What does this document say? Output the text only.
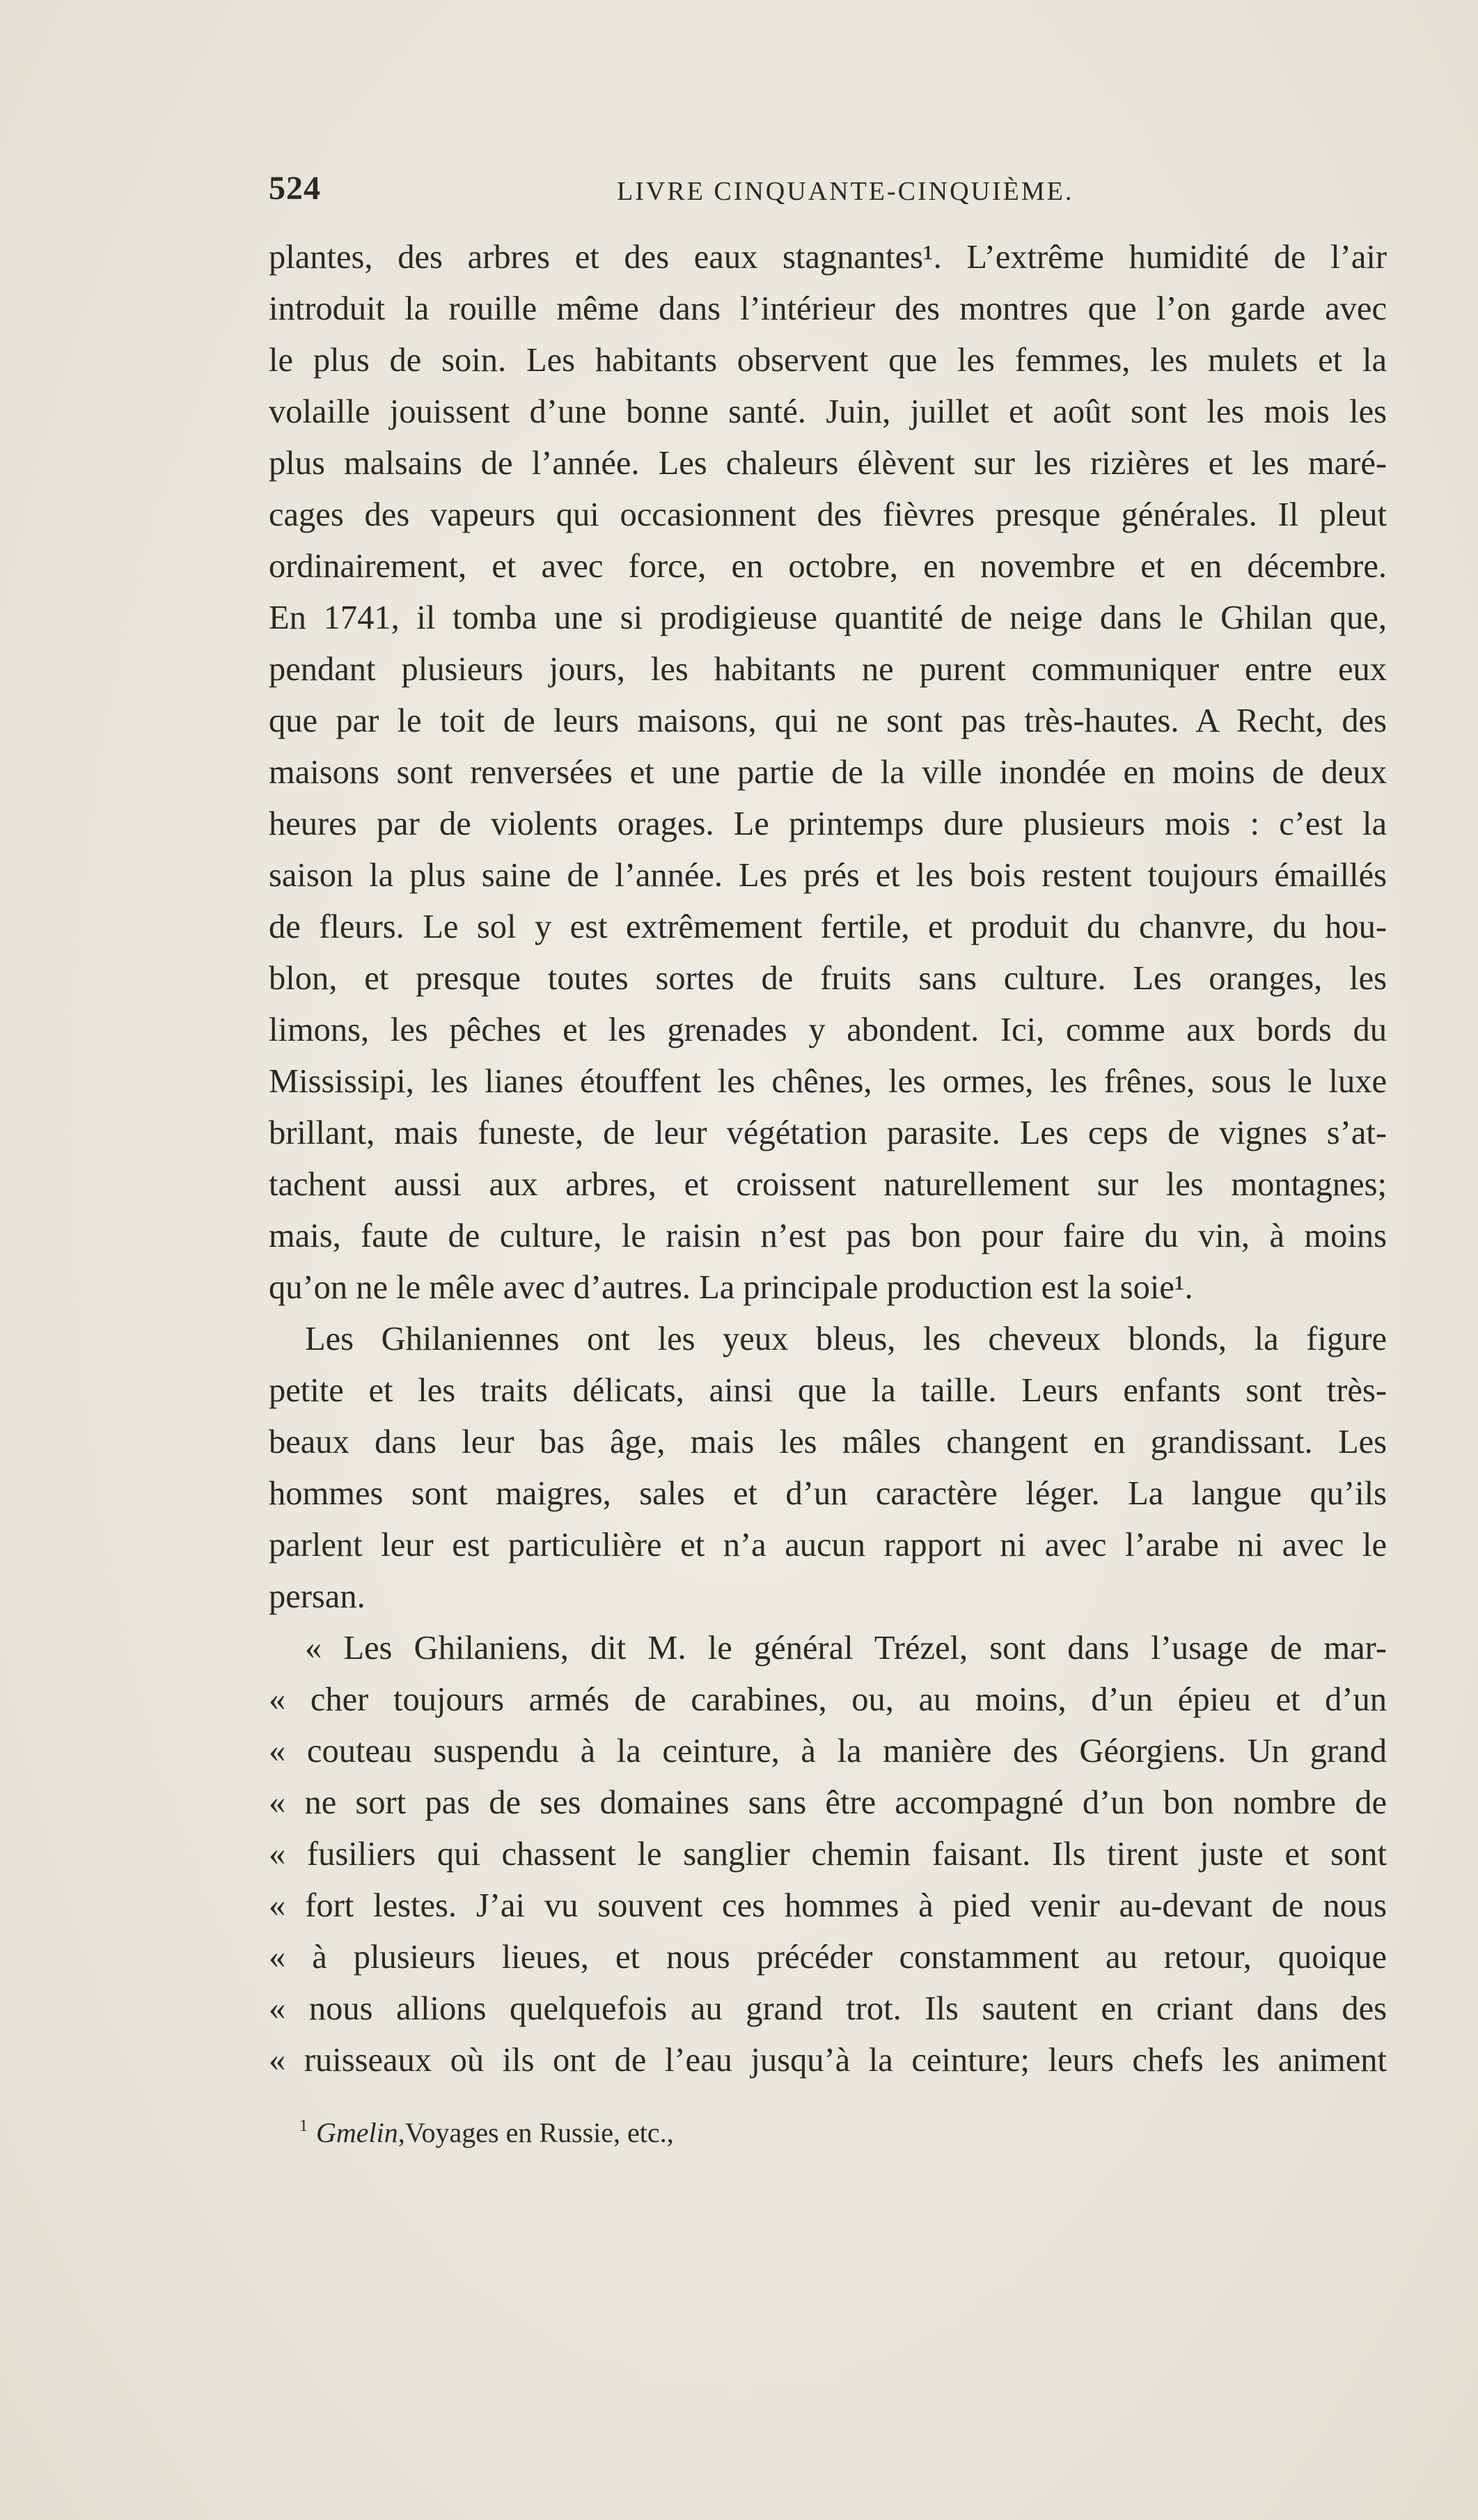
524	LIVRE CINQUANTE-CINQUIÈME.
plantes, des arbres et des eaux stagnantes¹. L’extrême humidité de l’air
introduit la rouille même dans l’intérieur des montres que l’on garde avec
le plus de soin. Les habitants observent que les femmes, les mulets et la
volaille jouissent d’une bonne santé. Juin, juillet et août sont les mois les
plus malsains de l’année. Les chaleurs élèvent sur les rizières et les maré-
cages des vapeurs qui occasionnent des fièvres presque générales. Il pleut
ordinairement, et avec force, en octobre, en novembre et en décembre.
En 1741, il tomba une si prodigieuse quantité de neige dans le Ghilan que,
pendant plusieurs jours, les habitants ne purent communiquer entre eux
que par le toit de leurs maisons, qui ne sont pas très-hautes. A Recht, des
maisons sont renversées et une partie de la ville inondée en moins de deux
heures par de violents orages. Le printemps dure plusieurs mois : c’est la
saison la plus saine de l’année. Les prés et les bois restent toujours émaillés
de fleurs. Le sol y est extrêmement fertile, et produit du chanvre, du hou-
blon, et presque toutes sortes de fruits sans culture. Les oranges, les
limons, les pêches et les grenades y abondent. Ici, comme aux bords du
Mississipi, les lianes étouffent les chênes, les ormes, les frênes, sous le luxe
brillant, mais funeste, de leur végétation parasite. Les ceps de vignes s’at-
tachent aussi aux arbres, et croissent naturellement sur les montagnes;
mais, faute de culture, le raisin n’est pas bon pour faire du vin, à moins
qu’on ne le mêle avec d’autres. La principale production est la soie¹.
Les Ghilaniennes ont les yeux bleus, les cheveux blonds, la figure
petite et les traits délicats, ainsi que la taille. Leurs enfants sont très-
beaux dans leur bas âge, mais les mâles changent en grandissant. Les
hommes sont maigres, sales et d’un caractère léger. La langue qu’ils
parlent leur est particulière et n’a aucun rapport ni avec l’arabe ni avec le
persan.
« Les Ghilaniens, dit M. le général Trézel, sont dans l’usage de mar-
« cher toujours armés de carabines, ou, au moins, d’un épieu et d’un
« couteau suspendu à la ceinture, à la manière des Géorgiens. Un grand
« ne sort pas de ses domaines sans être accompagné d’un bon nombre de
« fusiliers qui chassent le sanglier chemin faisant. Ils tirent juste et sont
« fort lestes. J’ai vu souvent ces hommes à pied venir au-devant de nous
« à plusieurs lieues, et nous précéder constamment au retour, quoique
« nous allions quelquefois au grand trot. Ils sautent en criant dans des
« ruisseaux où ils ont de l’eau jusqu’à la ceinture; leurs chefs les animent
$^1$ Gmelin,Voyages en Russie, etc.,
